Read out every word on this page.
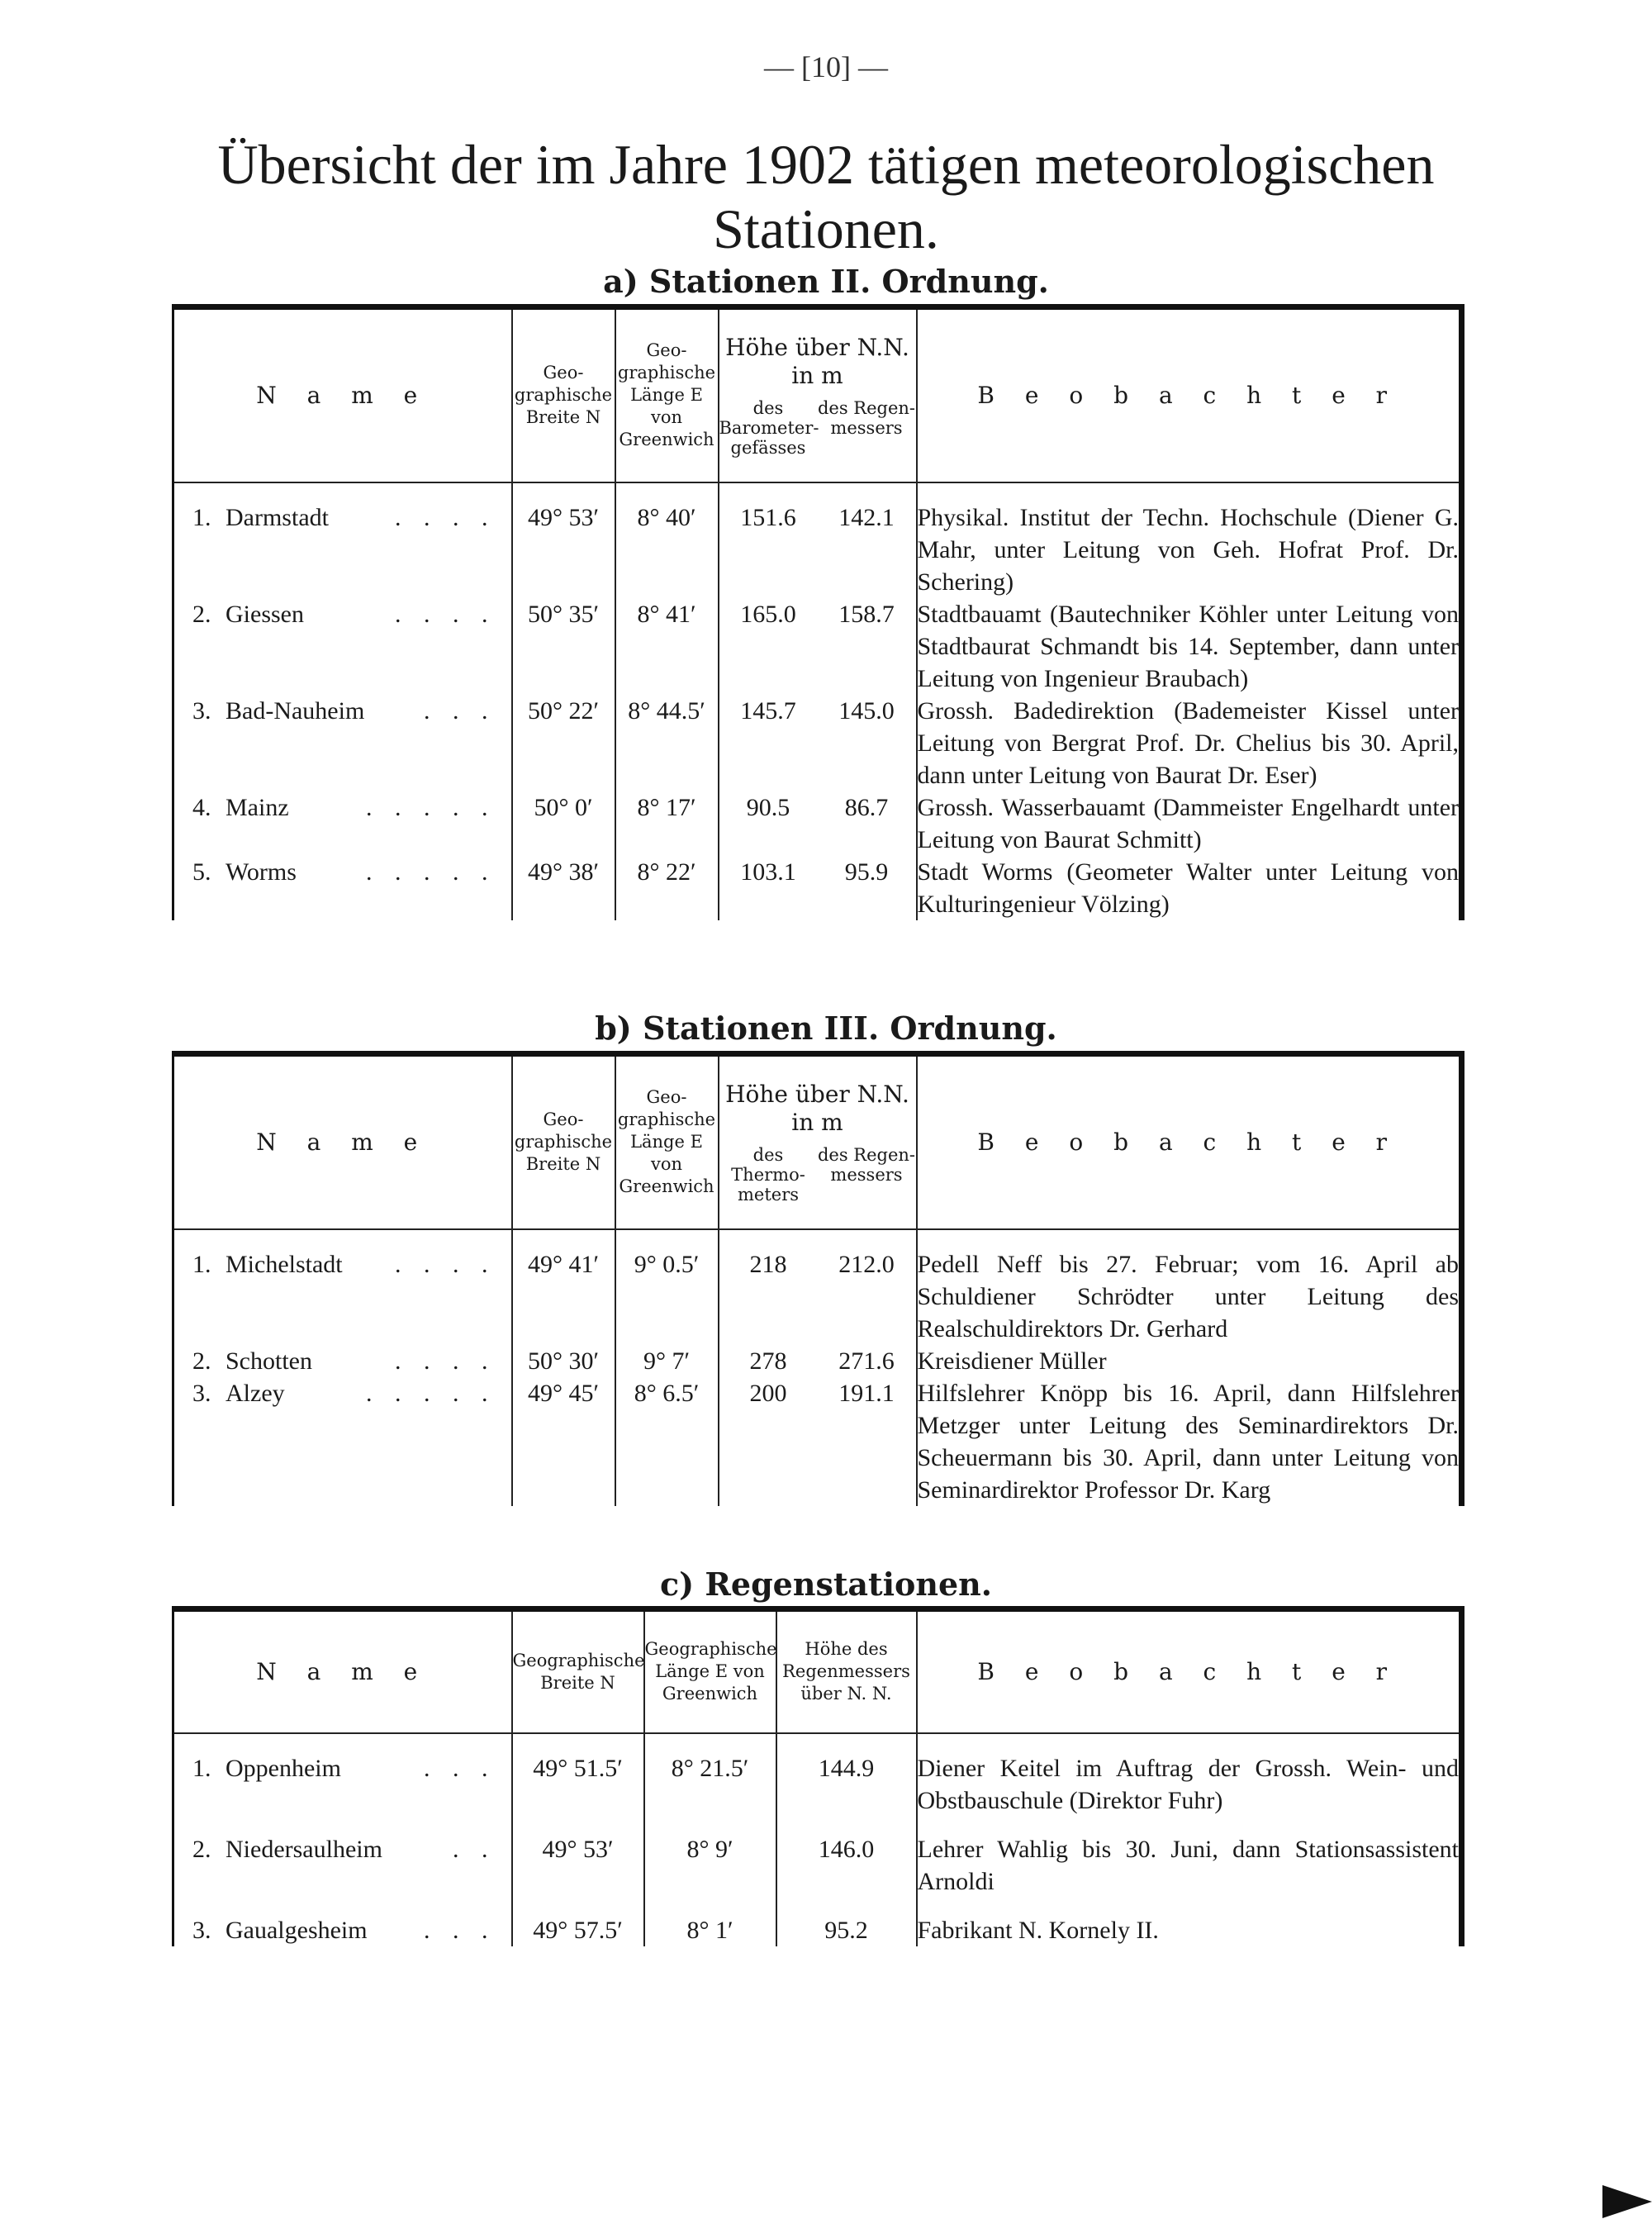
— [10] —
Übersicht der im Jahre 1902 tätigen meteorologischen Stationen.
a) Stationen II. Ordnung.
N a m e	Geo-graphische Breite N	Geo-graphische Länge E von Greenwich	Höhe über N.N. in m
des Barometer-gefässes
des Regen-messers	B e o b a c h t e r

1. Darmstadt . . . .	49° 53′	8° 40′	151.6 142.1	Physikal. Institut der Techn. Hochschule (Diener G. Mahr, unter Leitung von Geh. Hofrat Prof. Dr. Schering)

2. Giessen . . . .	50° 35′	8° 41′	165.0 158.7	Stadtbauamt (Bautechniker Köhler unter Leitung von Stadtbaurat Schmandt bis 14. September, dann unter Leitung von Ingenieur Braubach)

3. Bad-Nauheim . . .	50° 22′	8° 44.5′	145.7 145.0	Grossh. Badedirektion (Bademeister Kissel unter Leitung von Bergrat Prof. Dr. Chelius bis 30. April, dann unter Leitung von Baurat Dr. Eser)

4. Mainz . . . . .	50° 0′	8° 17′	90.5 86.7	Grossh. Wasserbauamt (Dammeister Engelhardt unter Leitung von Baurat Schmitt)

5. Worms . . . . .	49° 38′	8° 22′	103.1 95.9	Stadt Worms (Geometer Walter unter Leitung von Kulturingenieur Völzing)
b) Stationen III. Ordnung.
N a m e	Geo-graphische Breite N	Geo-graphische Länge E von Greenwich	Höhe über N.N. in m
des Thermo-meters
des Regen-messers	B e o b a c h t e r

1. Michelstadt . . . .	49° 41′	9° 0.5′	218 212.0	Pedell Neff bis 27. Februar; vom 16. April ab Schuldiener Schrödter unter Leitung des Realschuldirektors Dr. Gerhard

2. Schotten . . . .	50° 30′	9° 7′	278 271.6	Kreisdiener Müller

3. Alzey . . . . .	49° 45′	8° 6.5′	200 191.1	Hilfslehrer Knöpp bis 16. April, dann Hilfslehrer Metzger unter Leitung des Seminardirektors Dr. Scheuermann bis 30. April, dann unter Leitung von Seminardirektor Professor Dr. Karg
c) Regenstationen.
N a m e	Geographische Breite N	Geographische Länge E von Greenwich	Höhe des Regenmessers über N. N.	B e o b a c h t e r

1. Oppenheim . . .	49° 51.5′	8° 21.5′	144.9	Diener Keitel im Auftrag der Grossh. Wein- und Obstbauschule (Direktor Fuhr)

2. Niedersaulheim . .	49° 53′	8° 9′	146.0	Lehrer Wahlig bis 30. Juni, dann Stationsassistent Arnoldi

3. Gaualgesheim . . .	49° 57.5′	8° 1′	95.2	Fabrikant N. Kornely II.
